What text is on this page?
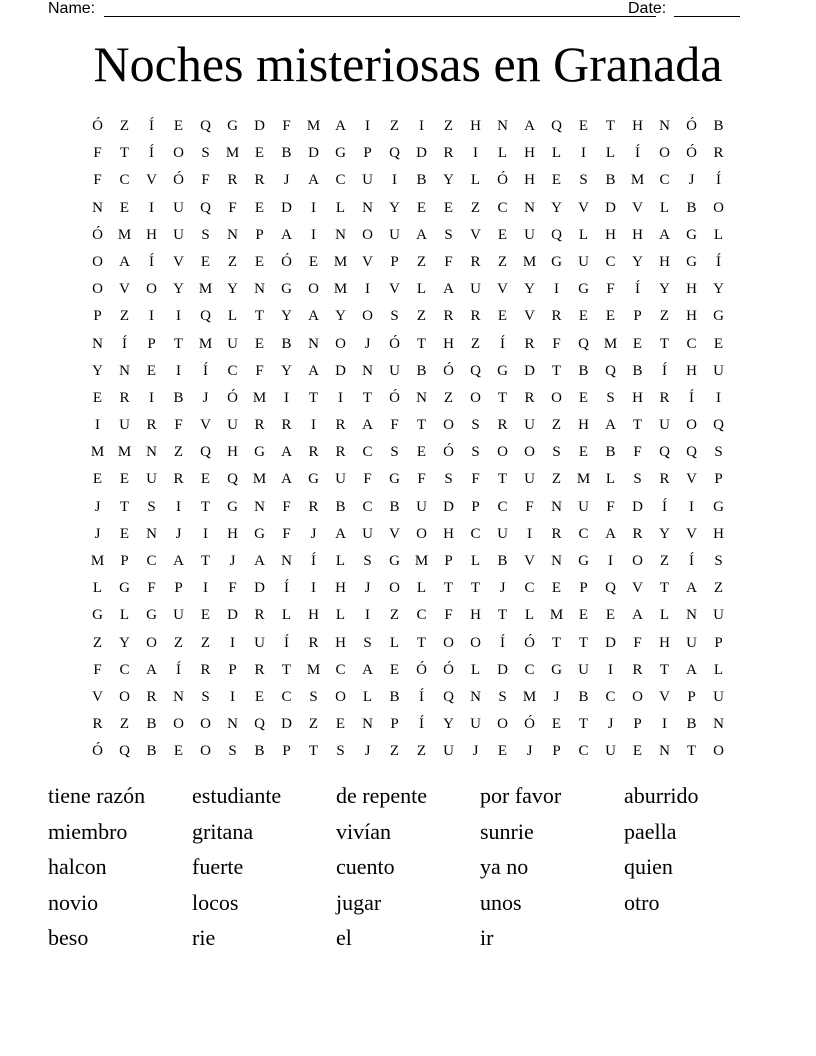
Name:	Date:
Noches misteriosas en Granada
Ó	Z	Í	E	Q	G	D	F	M A	I	Z	I	Z	H	N	A	Q	E	T	H	N	Ó	B
F	T	Í	O	S	M	E	B	D	G	P	Q	D	R	I	L	H	L	I	L	Í	O	Ó	R
F	C	V	Ó	F	R	R	J	A	C	U	I	B	Y	L	Ó	H	E	S	B	M	C	J	Í
N	E	I	U	Q	F	E	D	I	L	N	Y	E	E	Z	C	N	Y	V	D	V	L	B	O
Ó M H	U	S	N	P	A	I	N	O	U	A	S	V	E	U	Q	L	H	H	A	G	L
O	A	Í	V	E	Z	E	Ó	E	M V	P	Z	F	R	Z	M G	U	C	Y	H	G	Í
O	V	O	Y M Y	N	G	O M	I	V	L	A	U	V	Y	I	G	F	Í	Y	H	Y
P	Z	I	I	Q	L	T	Y	A	Y	O	S	Z	R	R	E	V	R	E	E	P	Z	H	G
N	Í	P	T	M U	E	B	N	O	J	Ó	T	H	Z	Í	R	F	Q M	E	T	C	E
Y	N	E	I	Í	C	F	Y	A	D	N	U	B	Ó	Q	G	D	T	B	Q	B	Í	H	U
E	R	I	B	J	Ó M	I	T	I	T	Ó	N	Z	O	T	R	O	E	S	H	R	Í	I
I	U	R	F	V	U	R	R	I	R	A	F	T	O	S	R	U	Z	H	A	T	U	O	Q
M M N	Z	Q	H	G	A	R	R	C	S	E	Ó	S	O	O	S	E	B	F	Q	Q	S
E	E	U	R	E	Q M A	G	U	F	G	F	S	F	T	U	Z	M	L	S	R	V	P
J	T	S	I	T	G	N	F	R	B	C	B	U	D	P	C	F	N	U	F	D	Í	I	G
J	E	N	J	I	H	G	F	J	A	U	V	O	H	C	U	I	R	C	A	R	Y	V	H
M	P	C	A	T	J	A	N	Í	L	S	G M	P	L	B	V	N	G	I	O	Z	Í	S
L	G	F	P	I	F	D	Í	I	H	J	O	L	T	T	J	C	E	P	Q	V	T	A	Z
G	L	G	U	E	D	R	L	H	L	I	Z	C	F	H	T	L	M	E	E	A	L	N	U
Z	Y	O	Z	Z	I	U	Í	R	H	S	L	T	O	O	Í	Ó	T	T	D	F	H	U	P
F	C	A	Í	R	P	R	T	M	C	A	E	Ó	Ó	L	D	C	G	U	I	R	T	A	L
V	O	R	N	S	I	E	C	S	O	L	B	Í	Q	N	S	M	J	B	C	O	V	P	U
R	Z	B	O	O	N	Q	D	Z	E	N	P	Í	Y	U	O	Ó	E	T	J	P	I	B	N
Ó	Q	B	E	O	S	B	P	T	S	J	Z	Z	U	J	E	J	P	C	U	E	N	T	O
tiene razón	estudiante	de repente	por favor	aburrido
miembro	gritana	vivían	sunrie	paella
halcon	fuerte	cuento	ya no	quien
novio	locos	jugar	unos	otro
beso	rie	el	ir
